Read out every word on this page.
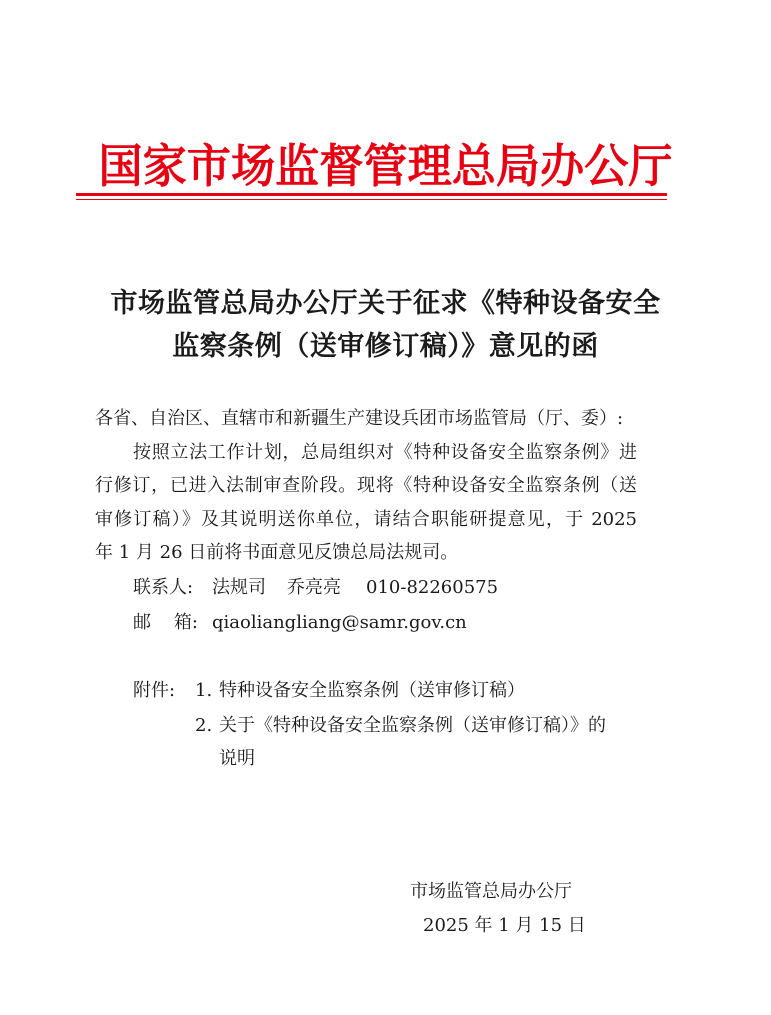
国家市场监督管理总局办公厅
市场监管总局办公厅关于征求《特种设备安全
监察条例（送审修订稿）》意见的函
各省、自治区、直辖市和新疆生产建设兵团市场监管局（厅、委）:
按照立法工作计划，总局组织对《特种设备安全监察条例》进
行修订，已进入法制审查阶段。现将《特种设备安全监察条例（送
审修订稿）》及其说明送你单位，请结合职能研提意见，于 2025
年 1 月 26 日前将书面意见反馈总局法规司。
联系人: 法规司 乔亮亮 010-82260575
邮    箱: qiaoliangliang@samr.gov.cn
附件: 1. 特种设备安全监察条例（送审修订稿）
2. 关于《特种设备安全监察条例（送审修订稿）》的
说明
市场监管总局办公厅
2025 年 1 月 15 日
